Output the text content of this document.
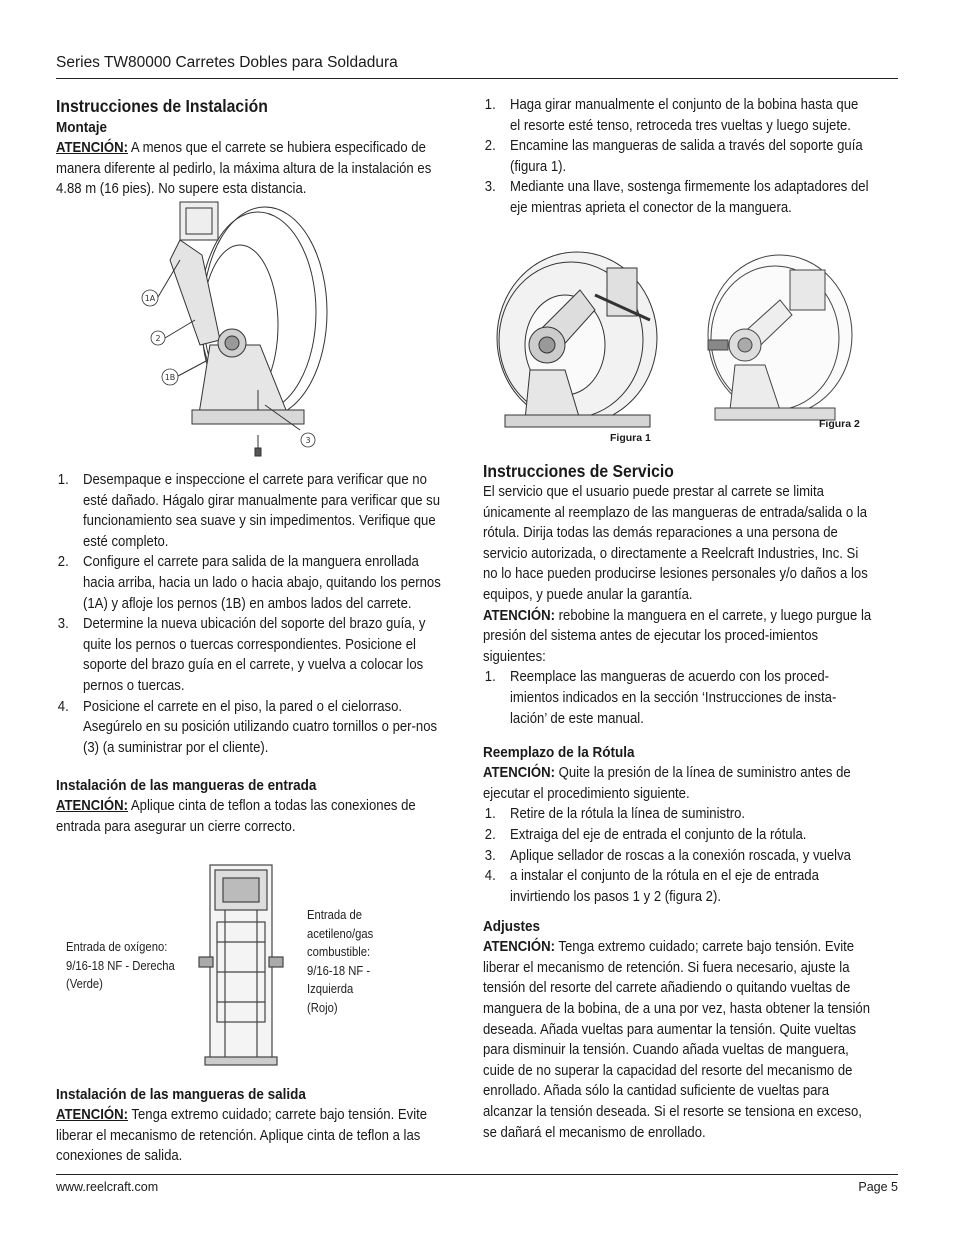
Series TW80000 Carretes Dobles para Soldadura
Instrucciones de Instalación
Montaje

ATENCIÓN: A menos que el carrete se hubiera especificado de manera diferente al pedirlo, la máxima altura de la instalación es 4.88 m (16 pies). No supere esta distancia.

1A
2
1B
3
1. Desempaque e inspeccione el carrete para verificar que no esté dañado. Hágalo girar manualmente para verificar que su funcionamiento sea suave y sin impedimentos. Verifique que esté completo.
2. Configure el carrete para salida de la manguera enrollada hacia arriba, hacia un lado o hacia abajo, quitando los pernos (1A) y afloje los pernos (1B) en ambos lados del carrete.
3. Determine la nueva ubicación del soporte del brazo guía, y quite los pernos o tuercas correspondientes. Posicione el soporte del brazo guía en el carrete, y vuelva a colocar los pernos o tuercas.
4. Posicione el carrete en el piso, la pared o el cielorraso. Asegúrelo en su posición utilizando cuatro tornillos o per-nos (3) (a suministrar por el cliente).
Instalación de las mangueras de entrada

ATENCIÓN: Aplique cinta de teflon a todas las conexiones de entrada para asegurar un cierre correcto.

Entrada de oxígeno:
9/16-18 NF - Derecha
(Verde)
Entrada de
acetileno/gas
combustible:
9/16-18 NF -
Izquierda
(Rojo)
Instalación de las mangueras de salida

ATENCIÓN: Tenga extremo cuidado; carrete bajo tensión. Evite liberar el mecanismo de retención. Aplique cinta de teflon a las conexiones de salida.

1. Haga girar manualmente el conjunto de la bobina hasta que el resorte esté tenso, retroceda tres vueltas y luego sujete.
2. Encamine las mangueras de salida a través del soporte guía (figura 1).
3. Mediante una llave, sostenga firmemente los adaptadores del eje mientras aprieta el conector de la manguera.
Figura 1
Figura 2
Instrucciones de Servicio

El servicio que el usuario puede prestar al carrete se limita únicamente al reemplazo de las mangueras de entrada/salida o la rótula. Dirija todas las demás reparaciones a una persona de servicio autorizada, o directamente a Reelcraft Industries, Inc. Si no lo hace pueden producirse lesiones personales y/o daños a los equipos, y puede anular la garantía.

ATENCIÓN: rebobine la manguera en el carrete, y luego purgue la presión del sistema antes de ejecutar los proced-imientos siguientes:

1. Reemplace las mangueras de acuerdo con los proced-imientos indicados en la sección ‘Instrucciones de insta-lación’ de este manual.
Reemplazo de la Rótula

ATENCIÓN: Quite la presión de la línea de suministro antes de ejecutar el procedimiento siguiente.

1. Retire de la rótula la línea de suministro.
2. Extraiga del eje de entrada el conjunto de la rótula.
3. Aplique sellador de roscas a la conexión roscada, y vuelva
4. a instalar el conjunto de la rótula en el eje de entrada invirtiendo los pasos 1 y 2 (figura 2).
Adjustes

ATENCIÓN: Tenga extremo cuidado; carrete bajo tensión. Evite liberar el mecanismo de retención. Si fuera necesario, ajuste la tensión del resorte del carrete añadiendo o quitando vueltas de manguera de la bobina, de a una por vez, hasta obtener la tensión deseada. Añada vueltas para aumentar la tensión. Quite vueltas para disminuir la tensión. Cuando añada vueltas de manguera, cuide de no superar la capacidad del resorte del mecanismo de enrollado. Añada sólo la cantidad suficiente de vueltas para alcanzar la tensión deseada. Si el resorte se tensiona en exceso, se dañará el mecanismo de enrollado.

www.reelcraft.com	Page 5
